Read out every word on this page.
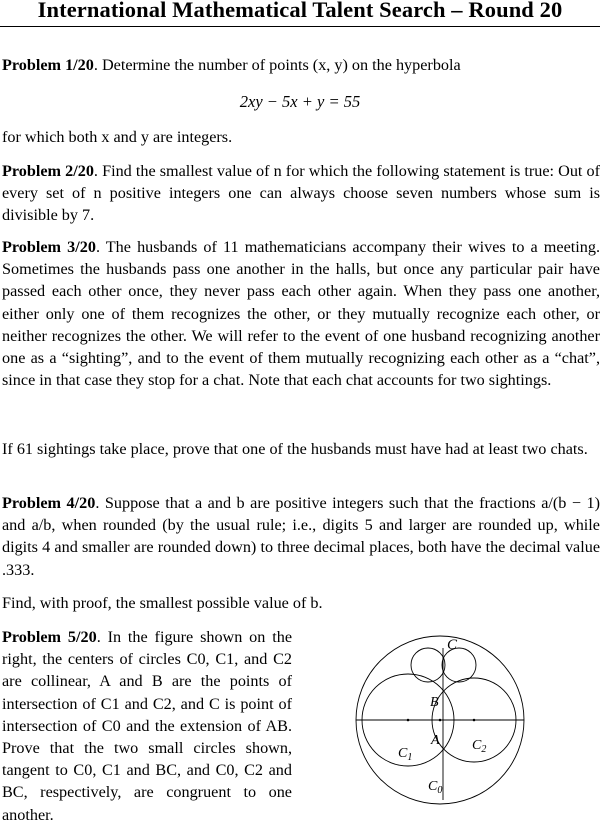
International Mathematical Talent Search – Round 20
Problem 1/20. Determine the number of points (x, y) on the hyperbola
2xy − 5x + y = 55
for which both x and y are integers.
Problem 2/20. Find the smallest value of n for which the following statement is true: Out of every set of n positive integers one can always choose seven numbers whose sum is divisible by 7.
Problem 3/20. The husbands of 11 mathematicians accompany their wives to a meeting. Sometimes the husbands pass one another in the halls, but once any particular pair have passed each other once, they never pass each other again. When they pass one another, either only one of them recognizes the other, or they mutually recognize each other, or neither recognizes the other. We will refer to the event of one husband recognizing another one as a “sighting”, and to the event of them mutually recognizing each other as a “chat”, since in that case they stop for a chat. Note that each chat accounts for two sightings.
If 61 sightings take place, prove that one of the husbands must have had at least two chats.
Problem 4/20. Suppose that a and b are positive integers such that the fractions a/(b − 1) and a/b, when rounded (by the usual rule; i.e., digits 5 and larger are rounded up, while digits 4 and smaller are rounded down) to three decimal places, both have the decimal value .333.
Find, with proof, the smallest possible value of b.
Problem 5/20. In the figure shown on the right, the centers of circles C0, C1, and C2 are collinear, A and B are the points of intersection of C1 and C2, and C is point of intersection of C0 and the extension of AB. Prove that the two small circles shown, tangent to C0, C1 and BC, and C0, C2 and BC, respectively, are congruent to one another.
C
B
A
$C_1$
$C_2$
$C_0$
